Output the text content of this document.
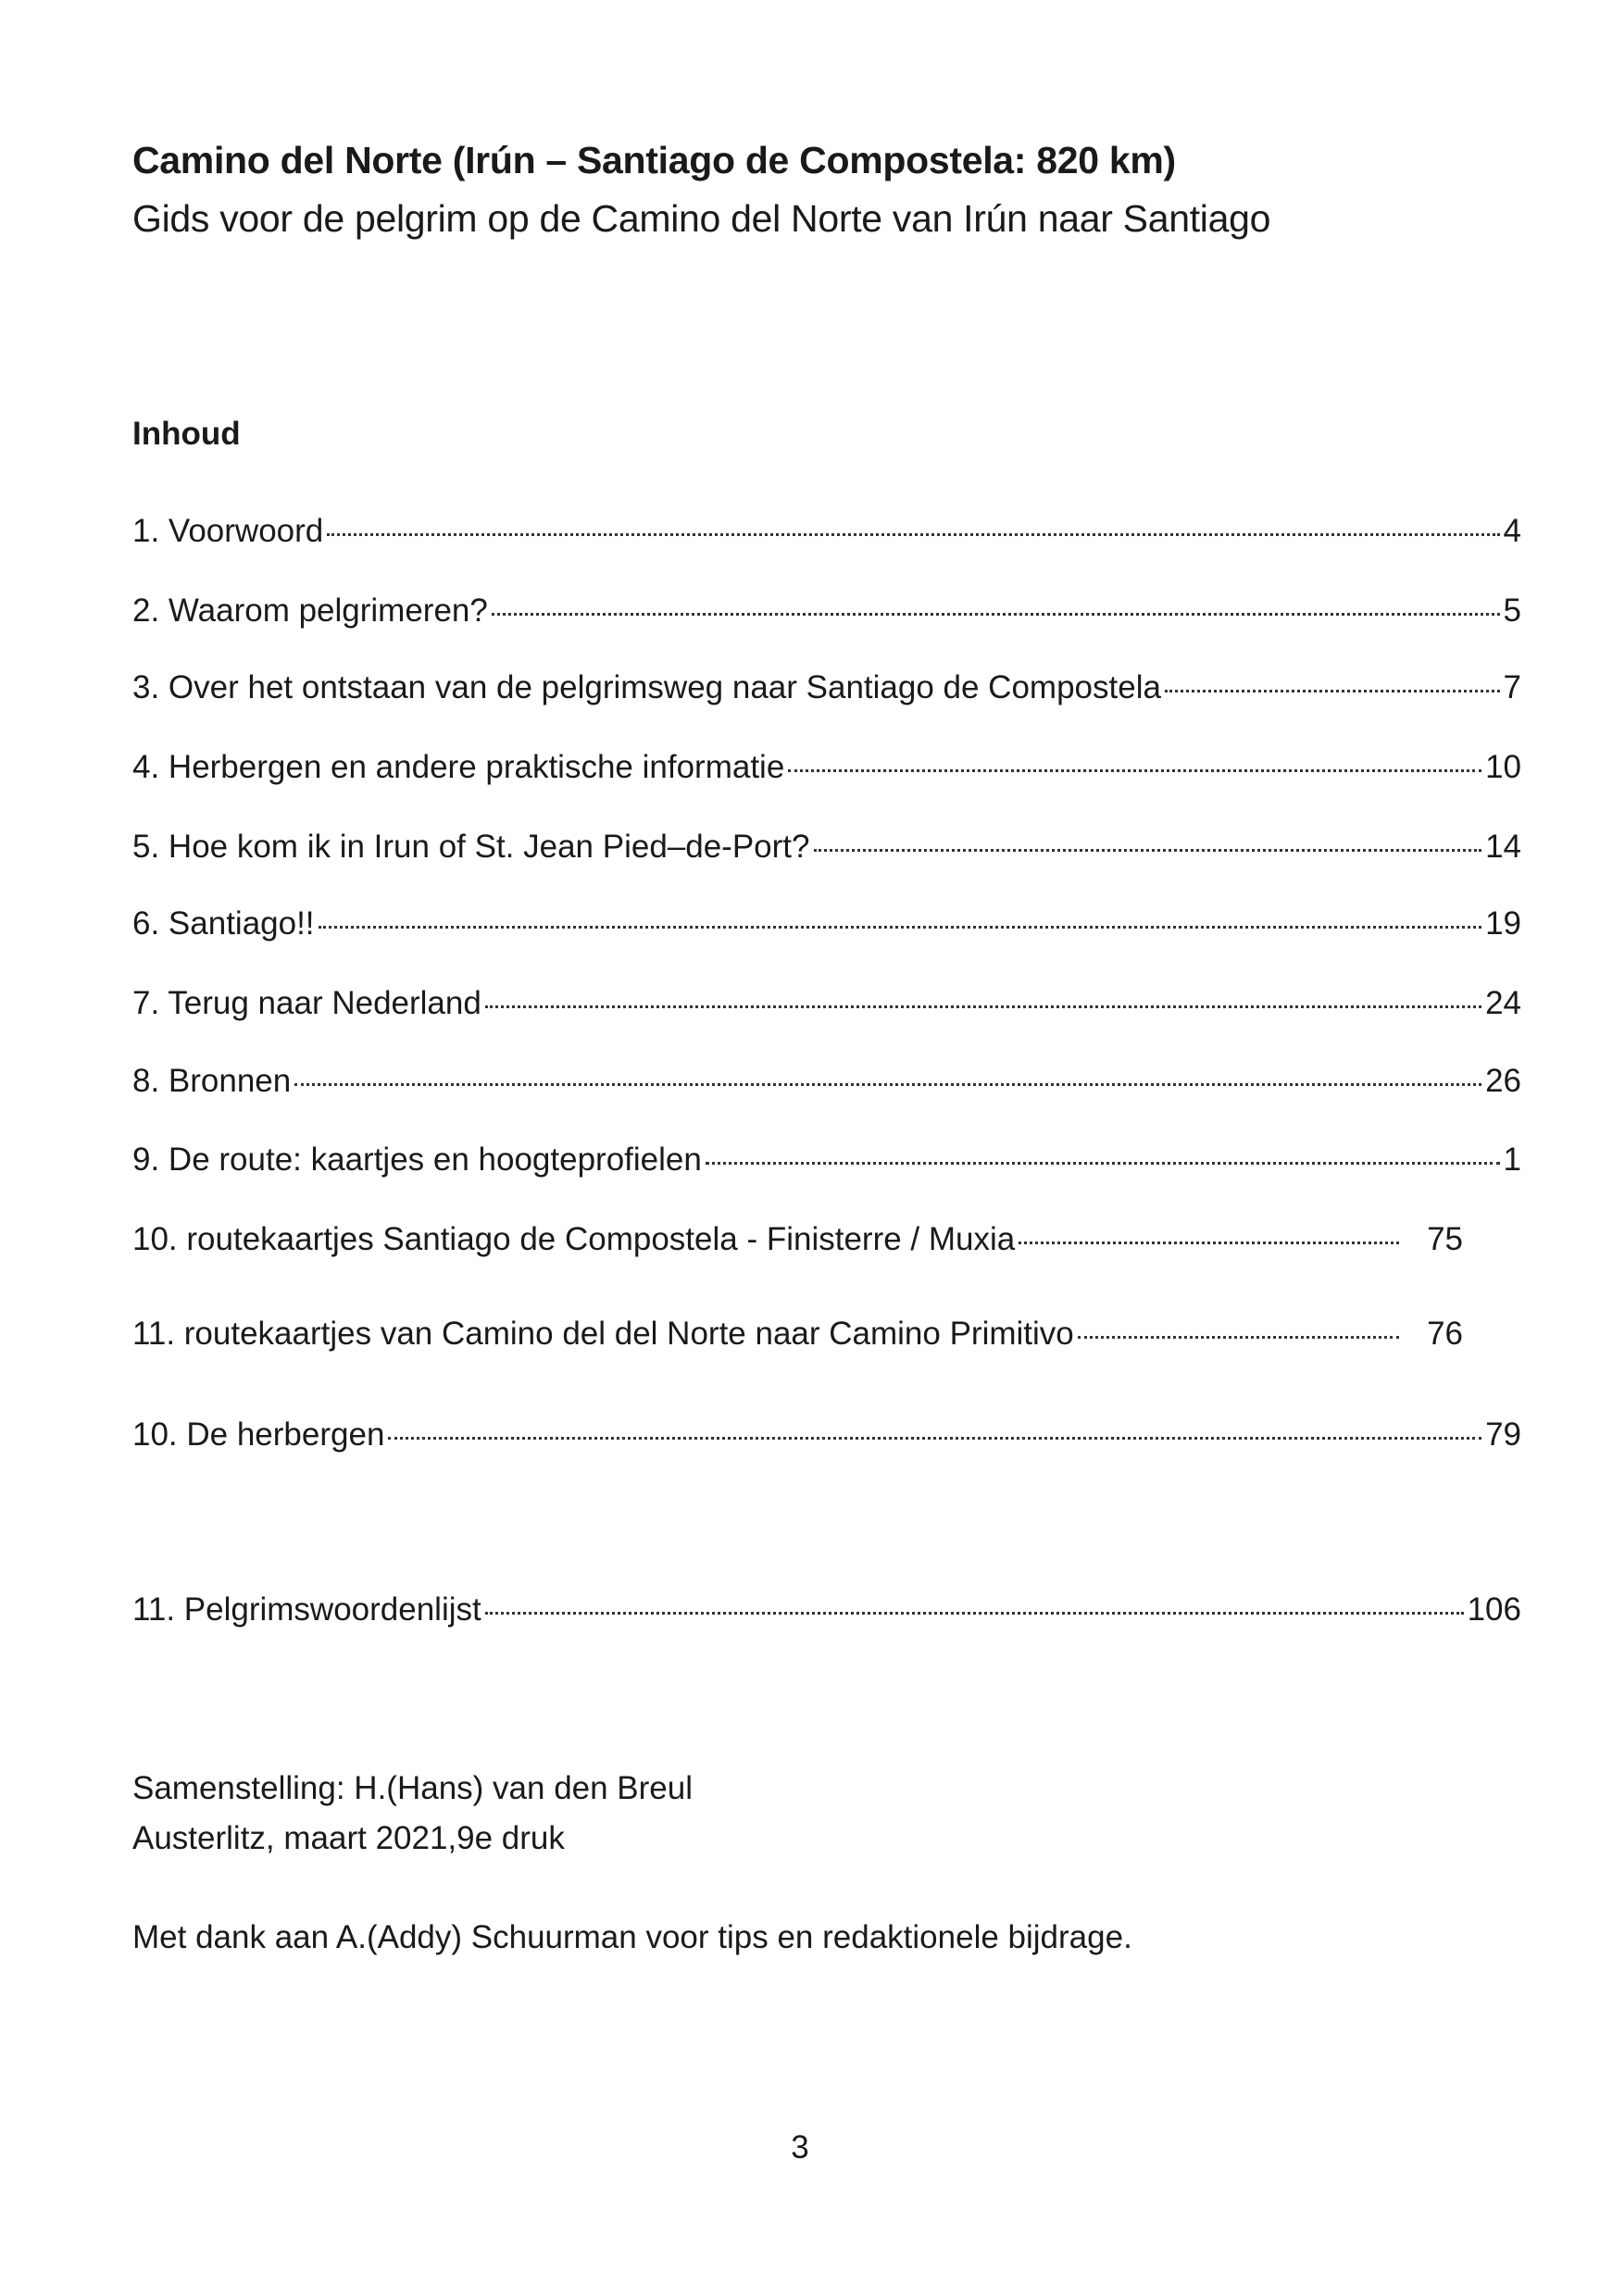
Camino del Norte (Irún – Santiago de Compostela: 820 km)
Gids voor de pelgrim op de Camino del Norte van Irún naar Santiago
Inhoud
1. Voorwoord	4
2. Waarom pelgrimeren?	5
3. Over het ontstaan van de pelgrimsweg naar Santiago de Compostela	7
4. Herbergen en andere praktische informatie	10
5. Hoe kom ik in Irun of St. Jean Pied–de-Port?	14
6. Santiago!!	19
7. Terug naar Nederland	24
8. Bronnen	26
9. De route: kaartjes en hoogteprofielen	1
10. routekaartjes Santiago de Compostela - Finisterre / Muxia	75
11. routekaartjes van Camino del del Norte naar Camino Primitivo	76
10. De herbergen	79
11. Pelgrimswoordenlijst	106
Samenstelling: H.(Hans) van den Breul
Austerlitz, maart 2021,9e druk
Met dank aan A.(Addy) Schuurman voor tips en redaktionele bijdrage.
3
